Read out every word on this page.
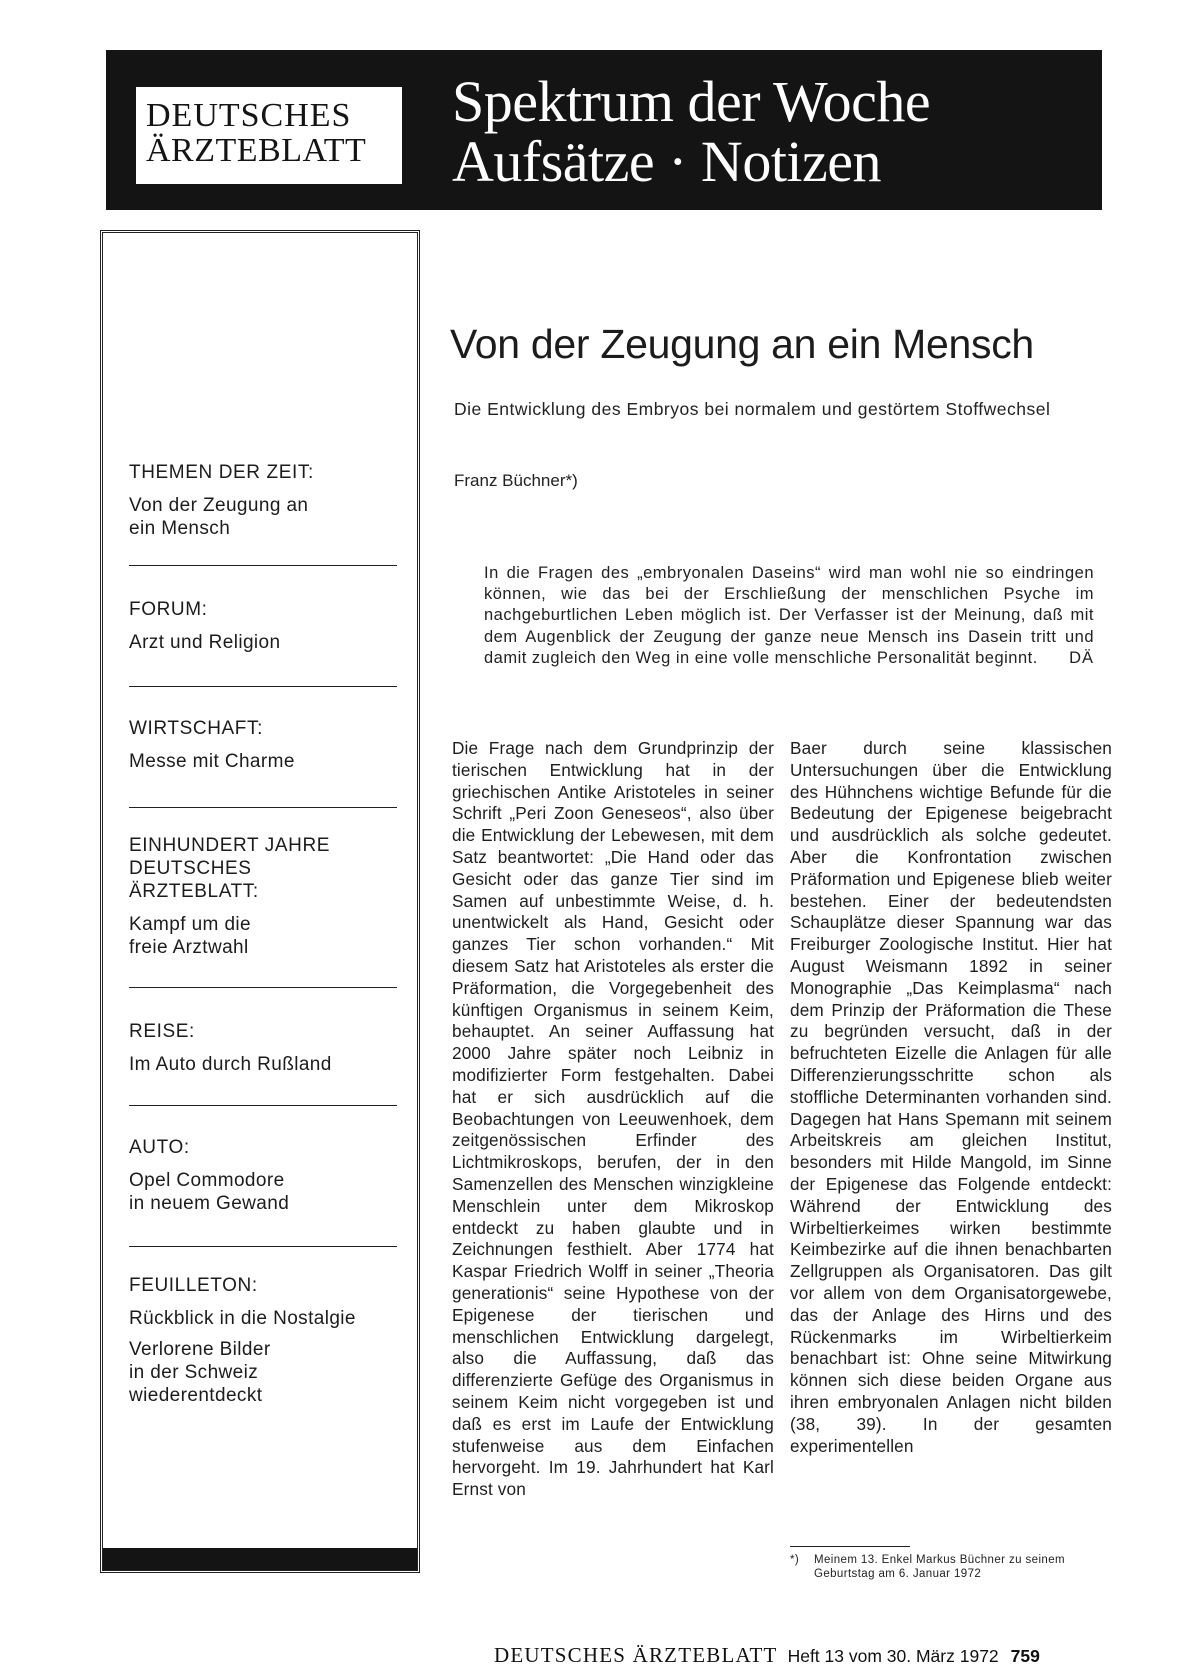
DEUTSCHES
ÄRZTEBLATT
Spektrum der Woche
Aufsätze · Notizen
THEMEN DER ZEIT:
Von der Zeugung an
ein Mensch
FORUM:
Arzt und Religion
WIRTSCHAFT:
Messe mit Charme
EINHUNDERT JAHRE
DEUTSCHES
ÄRZTEBLATT:
Kampf um die
freie Arztwahl
REISE:
Im Auto durch Rußland
AUTO:
Opel Commodore
in neuem Gewand
FEUILLETON:
Rückblick in die Nostalgie
Verlorene Bilder
in der Schweiz
wiederentdeckt
Von der Zeugung an ein Mensch
Die Entwicklung des Embryos bei normalem und gestörtem Stoffwechsel
Franz Büchner*)
In die Fragen des „embryonalen Daseins“ wird man wohl nie so eindringen können, wie das bei der Erschließung der menschlichen Psyche im nachgeburtlichen Leben möglich ist. Der Verfasser ist der Meinung, daß mit dem Augenblick der Zeugung der ganze neue Mensch ins Dasein tritt und damit zugleich den Weg in eine volle menschliche Personalität beginnt. DÄ
Die Frage nach dem Grundprinzip der tierischen Entwicklung hat in der griechischen Antike Aristoteles in seiner Schrift „Peri Zoon Geneseos“, also über die Entwicklung der Lebewesen, mit dem Satz beantwortet: „Die Hand oder das Gesicht oder das ganze Tier sind im Samen auf unbestimmte Weise, d. h. unentwickelt als Hand, Gesicht oder ganzes Tier schon vorhanden.“ Mit diesem Satz hat Aristoteles als erster die Präformation, die Vorgegebenheit des künftigen Organismus in seinem Keim, behauptet. An seiner Auffassung hat 2000 Jahre später noch Leibniz in modifizierter Form festgehalten. Dabei hat er sich ausdrücklich auf die Beobachtungen von Leeuwenhoek, dem zeitgenössischen Erfinder des Lichtmikroskops, berufen, der in den Samenzellen des Menschen winzigkleine Menschlein unter dem Mikroskop entdeckt zu haben glaubte und in Zeichnungen festhielt. Aber 1774 hat Kaspar Friedrich Wolff in seiner „Theoria generationis“ seine Hypothese von der Epigenese der tierischen und menschlichen Entwicklung dargelegt, also die Auffassung, daß das differenzierte Gefüge des Organismus in seinem Keim nicht vorgegeben ist und daß es erst im Laufe der Entwicklung stufenweise aus dem Einfachen hervorgeht. Im 19. Jahrhundert hat Karl Ernst von
Baer durch seine klassischen Untersuchungen über die Entwicklung des Hühnchens wichtige Befunde für die Bedeutung der Epigenese beigebracht und ausdrücklich als solche gedeutet. Aber die Konfrontation zwischen Präformation und Epigenese blieb weiter bestehen. Einer der bedeutendsten Schauplätze dieser Spannung war das Freiburger Zoologische Institut. Hier hat August Weismann 1892 in seiner Monographie „Das Keimplasma“ nach dem Prinzip der Präformation die These zu begründen versucht, daß in der befruchteten Eizelle die Anlagen für alle Differenzierungsschritte schon als stoffliche Determinanten vorhanden sind. Dagegen hat Hans Spemann mit seinem Arbeitskreis am gleichen Institut, besonders mit Hilde Mangold, im Sinne der Epigenese das Folgende entdeckt: Während der Entwicklung des Wirbeltierkeimes wirken bestimmte Keimbezirke auf die ihnen benachbarten Zellgruppen als Organisatoren. Das gilt vor allem von dem Organisatorgewebe, das der Anlage des Hirns und des Rückenmarks im Wirbeltierkeim benachbart ist: Ohne seine Mitwirkung können sich diese beiden Organe aus ihren embryonalen Anlagen nicht bilden (38, 39). In der gesamten experimentellen
*) Meinem 13. Enkel Markus Büchner zu seinem Geburtstag am 6. Januar 1972
DEUTSCHES ÄRZTEBLATT Heft 13 vom 30. März 1972 759
